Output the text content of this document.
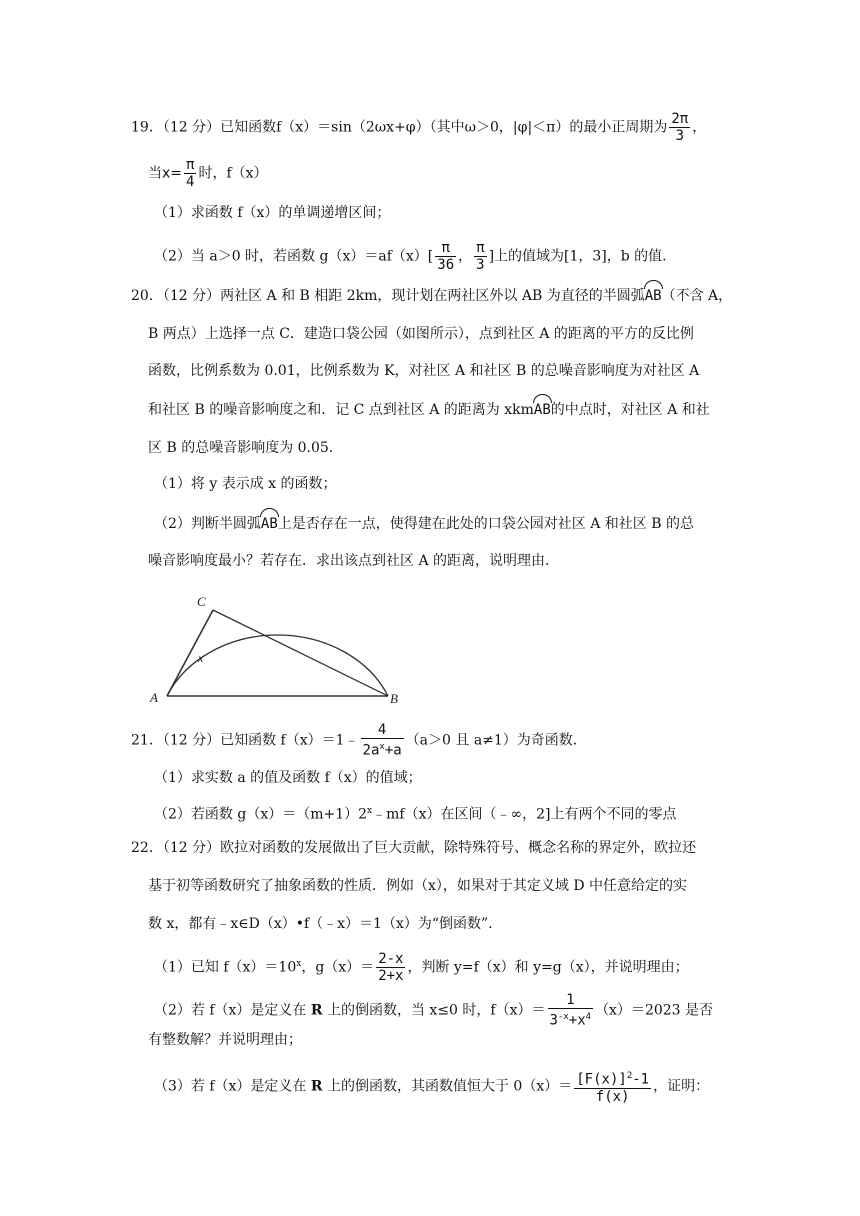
19．（12 分）已知函数f（x）＝sin（2ωx+φ）（其中ω＞0，|φ|＜π）的最小正周期为 $\frac{2\pi}{3}$ ，
当$x= \frac{\pi}{4}$ 时，f（x）
（1）求函数 f（x）的单调递增区间；
（2）当 a＞0 时，若函数 $g(x)=af(x)[ \frac{\pi}{36}$ ， $\frac{\pi}{3}$ ]上的值域为[1，3]，b 的值.
20．（12 分）两社区 A 和 B 相距 2km，现计划在两社区外以 AB 为直径的半圆弧AB（不含 A，
B 两点）上选择一点 C．建造口袋公园（如图所示），点到社区 A 的距离的平方的反比例
函数，比例系数为 0.01，比例系数为 K，对社区 A 和社区 B 的总噪音影响度为对社区 A
和社区 B 的噪音影响度之和．记 C 点到社区 A 的距离为 xkmAB的中点时，对社区 A 和社
区 B 的总噪音影响度为 0.05．
（1）将 y 表示成 x 的函数；
（2）判断半圆弧AB上是否存在一点，使得建在此处的口袋公园对社区 A 和社区 B 的总
噪音影响度最小？若存在．求出该点到社区 A 的距离，说明理由．
C
x
A	B
21．（12 分）已知函数 f（x）＝1﹣ $\frac{4}{2a^x+a} (a>0$ 且 a≠1）为奇函数．
（1）求实数 a 的值及函数 f（x）的值域；
（2）若函数 $g(x)=(m+1)2^x﹣mf(x)$在区间（﹣∞，2]上有两个不同的零点
22．（12 分）欧拉对函数的发展做出了巨大贡献，除特殊符号、概念名称的界定外，欧拉还
基于初等函数研究了抽象函数的性质．例如（x），如果对于其定义域 D 中任意给定的实
数 x，都有﹣x∈D（x）•f（﹣x）＝1（x）为“倒函数”.
（1）已知 $f(x)=10^x$，$g(x)= \frac{2-x}{2+x}$ ，判断 y=f（x）和 y=g（x），并说明理由；
（2）若 f（x）是定义在 R 上的倒函数，当 x≤0 时，$f(x)= \frac{1}{3^{-x}+x^4} (x)=2023$ 是否
有整数解？并说明理由；
（3）若 f（x）是定义在 R 上的倒函数，其函数值恒大于 $0(x)= \frac{[F(x)]^2-1}{f(x)}$ ，证明：
